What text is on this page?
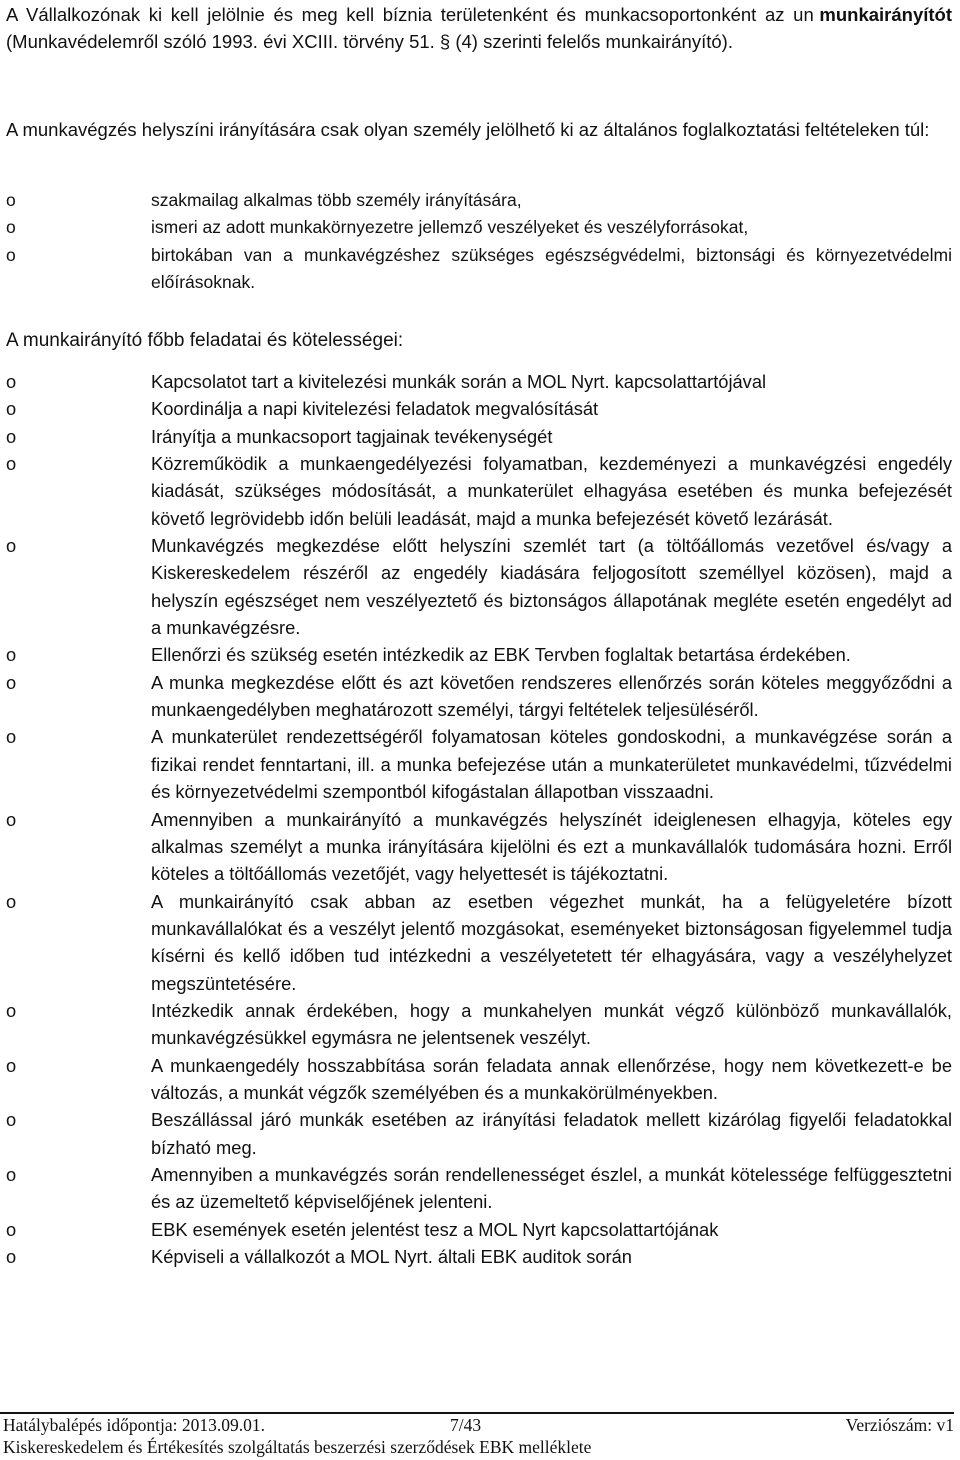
A Vállalkozónak ki kell jelölnie és meg kell bíznia területenként és munkacsoportonként az un munkairányítót (Munkavédelemről szóló 1993. évi XCIII. törvény 51. § (4) szerinti felelős munkairányító).

A munkavégzés helyszíni irányítására csak olyan személy jelölhető ki az általános foglalkoztatási feltételeken túl:

o	szakmailag alkalmas több személy irányítására,
o	ismeri az adott munkakörnyezetre jellemző veszélyeket és veszélyforrásokat,
o	birtokában van a munkavégzéshez szükséges egészségvédelmi, biztonsági és környezetvédelmi előírásoknak.
A munkairányító főbb feladatai és kötelességei:
o	Kapcsolatot tart a kivitelezési munkák során a MOL Nyrt. kapcsolattartójával
o	Koordinálja a napi kivitelezési feladatok megvalósítását
o	Irányítja a munkacsoport tagjainak tevékenységét
o	Közreműködik a munkaengedélyezési folyamatban, kezdeményezi a munkavégzési engedély kiadását, szükséges módosítását, a munkaterület elhagyása esetében és munka befejezését követő legrövidebb időn belüli leadását, majd a munka befejezését követő lezárását.
o	Munkavégzés megkezdése előtt helyszíni szemlét tart (a töltőállomás vezetővel és/vagy a Kiskereskedelem részéről az engedély kiadására feljogosított személlyel közösen), majd a helyszín egészséget nem veszélyeztető és biztonságos állapotának megléte esetén engedélyt ad a munkavégzésre.
o	Ellenőrzi és szükség esetén intézkedik az EBK Tervben foglaltak betartása érdekében.
o	A munka megkezdése előtt és azt követően rendszeres ellenőrzés során köteles meggyőződni a munkaengedélyben meghatározott személyi, tárgyi feltételek teljesüléséről.
o	A munkaterület rendezettségéről folyamatosan köteles gondoskodni, a munkavégzése során a fizikai rendet fenntartani, ill. a munka befejezése után a munkaterületet munkavédelmi, tűzvédelmi és környezetvédelmi szempontból kifogástalan állapotban visszaadni.
o	Amennyiben a munkairányító a munkavégzés helyszínét ideiglenesen elhagyja, köteles egy alkalmas személyt a munka irányítására kijelölni és ezt a munkavállalók tudomására hozni. Erről köteles a töltőállomás vezetőjét, vagy helyettesét is tájékoztatni.
o	A munkairányító csak abban az esetben végezhet munkát, ha a felügyeletére bízott munkavállalókat és a veszélyt jelentő mozgásokat, eseményeket biztonságosan figyelemmel tudja kísérni és kellő időben tud intézkedni a veszélyetetett tér elhagyására, vagy a veszélyhelyzet megszüntetésére.
o	Intézkedik annak érdekében, hogy a munkahelyen munkát végző különböző munkavállalók, munkavégzésükkel egymásra ne jelentsenek veszélyt.
o	A munkaengedély hosszabbítása során feladata annak ellenőrzése, hogy nem következett-e be változás, a munkát végzők személyében és a munkakörülményekben.
o	Beszállással járó munkák esetében az irányítási feladatok mellett kizárólag figyelői feladatokkal bízható meg.
o	Amennyiben a munkavégzés során rendellenességet észlel, a munkát kötelessége felfüggesztetni és az üzemeltető képviselőjének jelenteni.
o	EBK események esetén jelentést tesz a MOL Nyrt kapcsolattartójának
o	Képviseli a vállalkozót a MOL Nyrt. általi EBK auditok során
Hatálybalépés időpontja: 2013.09.01.	7/43	Verziószám: v1
Kiskereskedelem és Értékesítés szolgáltatás beszerzési szerződések EBK melléklete
